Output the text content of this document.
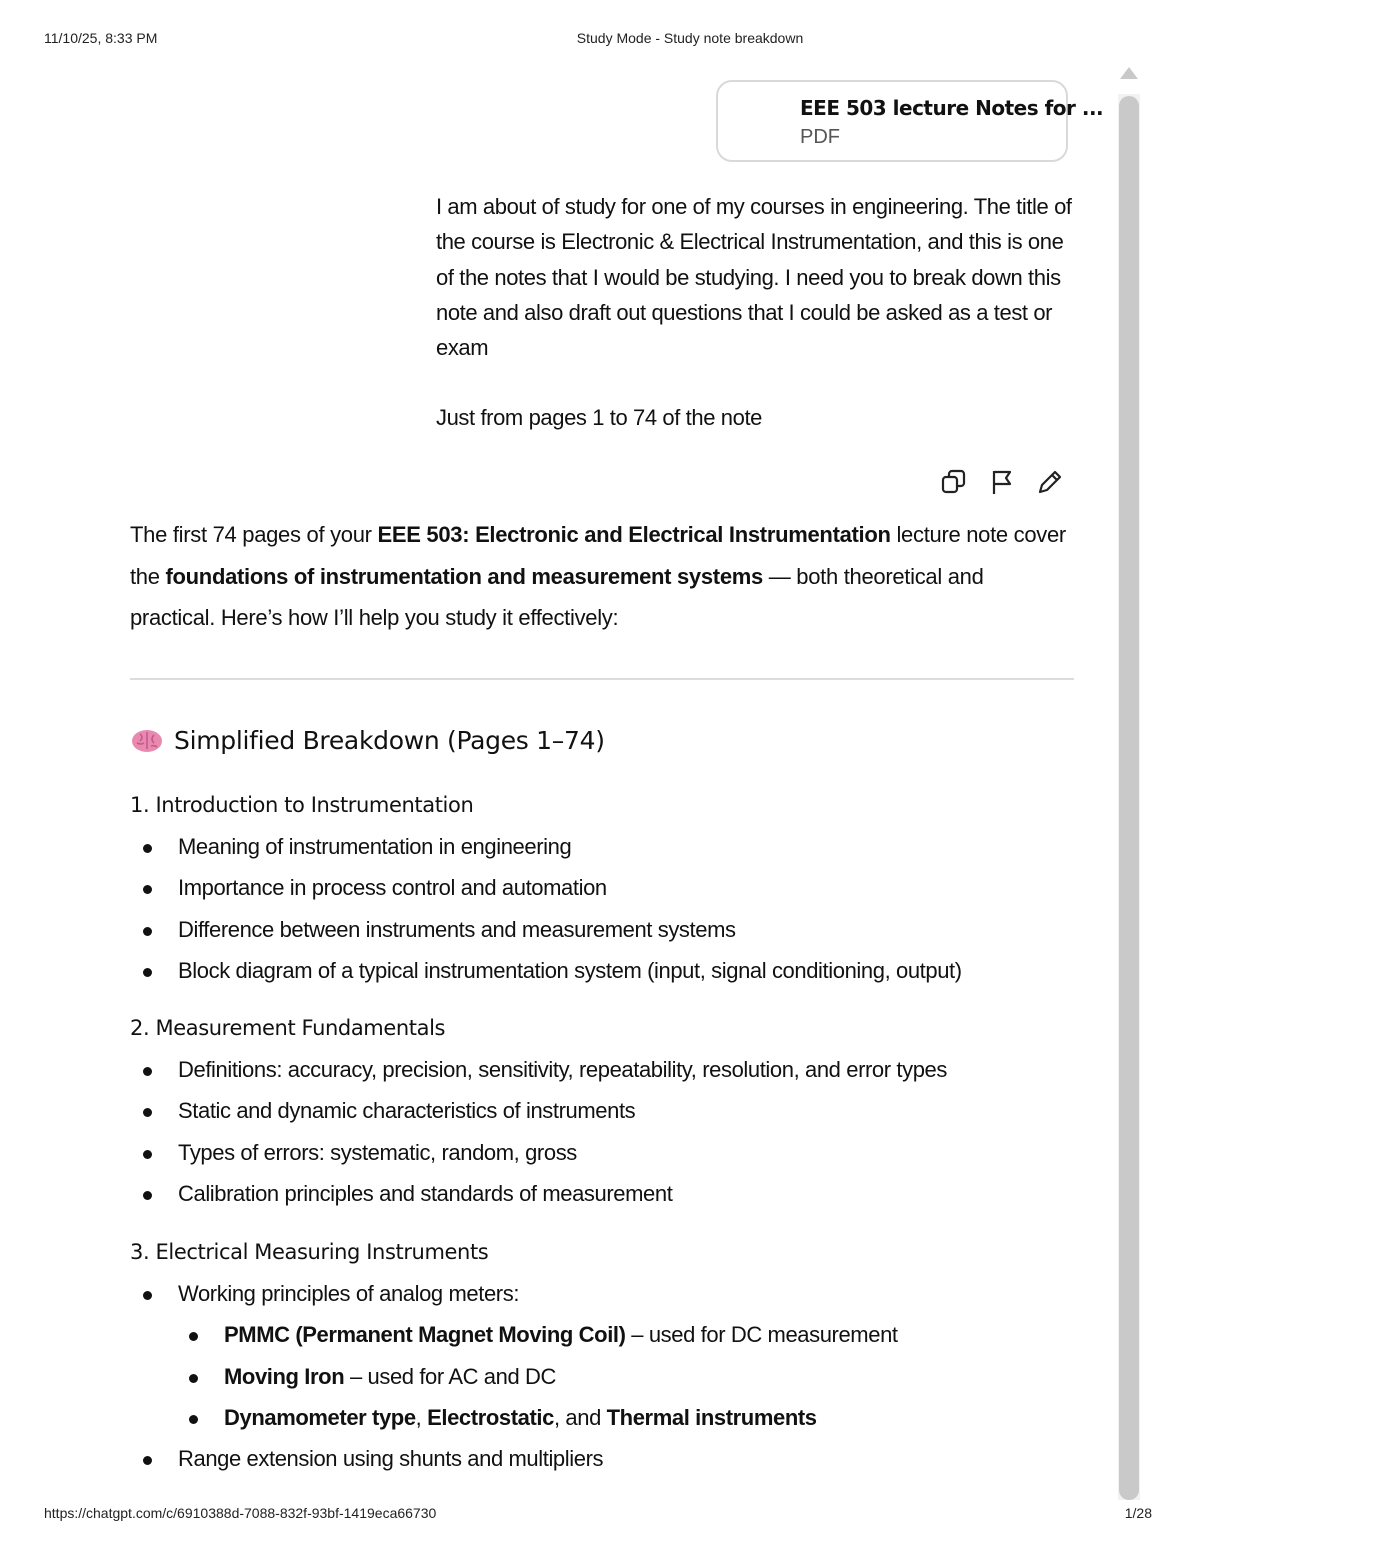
11/10/25, 8:33 PM	Study Mode - Study note breakdown
EEE 503 lecture Notes for ...
PDF

I am about of study for one of my courses in engineering. The title of the course is Electronic & Electrical Instrumentation, and this is one of the notes that I would be studying. I need you to break down this note and also draft out questions that I could be asked as a test or exam

Just from pages 1 to 74 of the note

The first 74 pages of your EEE 503: Electronic and Electrical Instrumentation lecture note cover the foundations of instrumentation and measurement systems — both theoretical and practical. Here’s how I’ll help you study it effectively:

Simplified Breakdown (Pages 1–74)
1. Introduction to Instrumentation
Meaning of instrumentation in engineering
Importance in process control and automation
Difference between instruments and measurement systems
Block diagram of a typical instrumentation system (input, signal conditioning, output)
2. Measurement Fundamentals
Definitions: accuracy, precision, sensitivity, repeatability, resolution, and error types
Static and dynamic characteristics of instruments
Types of errors: systematic, random, gross
Calibration principles and standards of measurement
3. Electrical Measuring Instruments
Working principles of analog meters:
PMMC (Permanent Magnet Moving Coil) – used for DC measurement
Moving Iron – used for AC and DC
Dynamometer type, Electrostatic, and Thermal instruments
Range extension using shunts and multipliers
https://chatgpt.com/c/6910388d-7088-832f-93bf-1419eca66730	1/28
